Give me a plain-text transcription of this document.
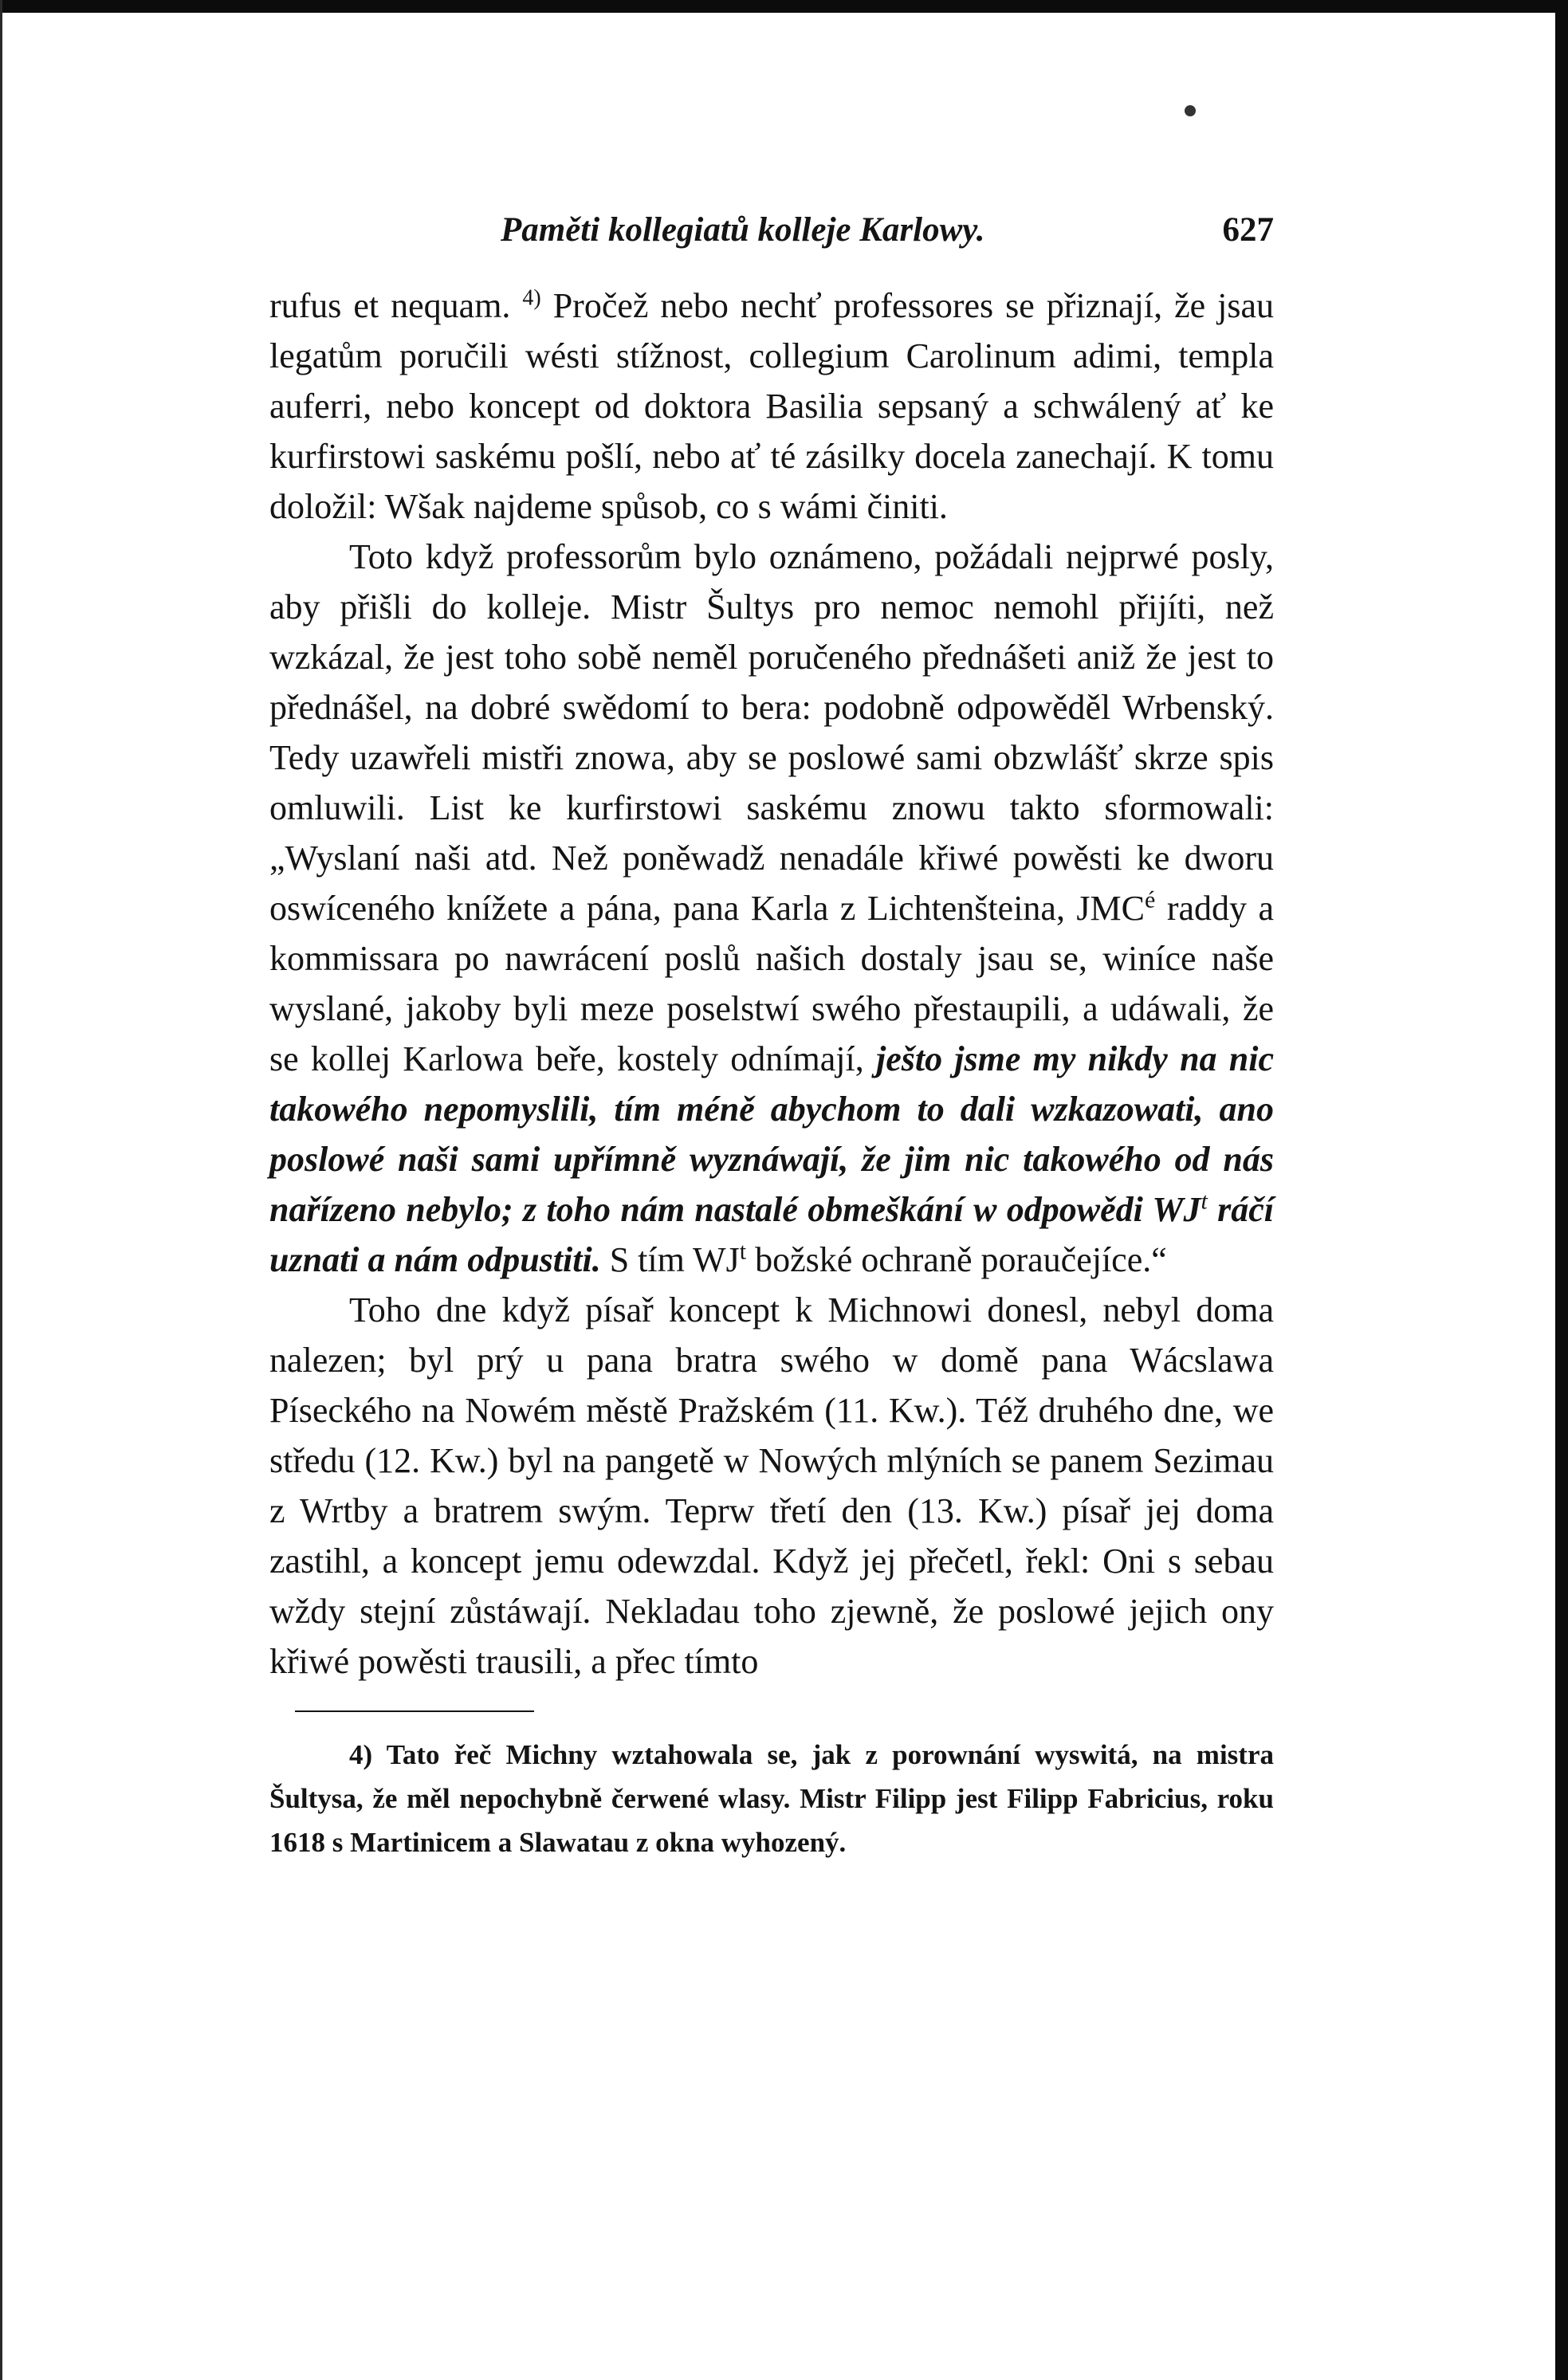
Paměti kollegiatů kolleje Karlowy.	627

rufus et nequam. $^{4)}$ Pročež nebo nechť professores se přiznají, že jsau legatům poručili wésti stížnost, collegium Carolinum adimi, templa auferri, nebo koncept od doktora Basilia sepsaný a schwálený ať ke kurfirstowi saskému pošlí, nebo ať té zásilky docela zanechají. K tomu doložil: Wšak najdeme spůsob, co s wámi činiti.

Toto když professorům bylo oznámeno, požádali nejprwé posly, aby přišli do kolleje. Mistr Šultys pro nemoc nemohl přijíti, než wzkázal, že jest toho sobě neměl poručeného přednášeti aniž že jest to přednášel, na dobré swědomí to bera: podobně odpowěděl Wrbenský. Tedy uzawřeli mistři znowa, aby se poslowé sami obzwlášť skrze spis omluwili. List ke kurfirstowi saskému znowu takto sformowali: „Wyslaní naši atd. Než poněwadž nenadále křiwé powěsti ke dworu oswíceného knížete a pána, pana Karla z Lichtenšteina, $JMC^é$ raddy a kommissara po nawrácení poslů našich dostaly jsau se, winíce naše wyslané, jakoby byli meze poselstwí swého přestaupili, a udáwali, že se kollej Karlowa beře, kostely odnímají, ješto jsme my nikdy na nic takowého nepomyslili, tím méně abychom to dali wzkazowati, ano poslowé naši sami upřímně wyznáwají, že jim nic takowého od nás nařízeno nebylo; z toho nám nastalé obmeškání w odpowědi $WJ^t$ ráčí uznati a nám odpustiti. S tím $WJ^t$ božské ochraně poraučejíce.“

Toho dne když písař koncept k Michnowi donesl, nebyl doma nalezen; byl prý u pana bratra swého w domě pana Wácslawa Píseckého na Nowém městě Pražském (11. Kw.). Též druhého dne, we středu (12. Kw.) byl na pangetě w Nowých mlýních se panem Sezimau z Wrtby a bratrem swým. Teprw třetí den (13. Kw.) písař jej doma zastihl, a koncept jemu odewzdal. Když jej přečetl, řekl: Oni s sebau wždy stejní zůstáwají. Nekladau toho zjewně, že poslowé jejich ony křiwé powěsti trausili, a přec tímto

4) Tato řeč Michny wztahowala se, jak z porownání wyswitá, na mistra Šultysa, že měl nepochybně čerwené wlasy. Mistr Filipp jest Filipp Fabricius, roku 1618 s Martinicem a Slawatau z okna wyhozený.
